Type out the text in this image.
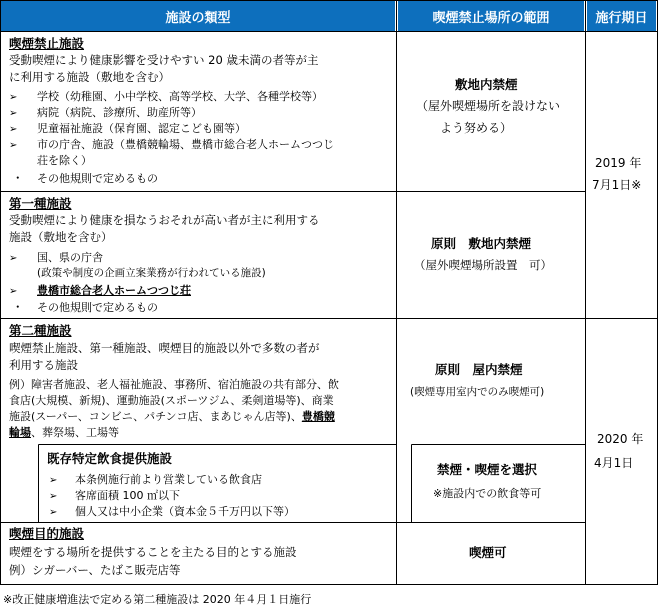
施設の類型	喫煙禁止場所の範囲	施行期日
喫煙禁止施設
受動喫煙により健康影響を受けやすい 20 歳未満の者等が主
に利用する施設（敷地を含む）
➢ 学校（幼稚園、小中学校、高等学校、大学、各種学校等）
➢ 病院（病院、診療所、助産所等）
➢ 児童福祉施設（保育園、認定こども園等）
➢ 市の庁舎、施設（豊橋競輪場、豊橋市総合老人ホームつつじ
荘を除く）
・ その他規則で定めるもの
敷地内禁煙
（屋外喫煙場所を設けない
よう努める）
第一種施設
受動喫煙により健康を損なうおそれが高い者が主に利用する
施設（敷地を含む）
➢ 国、県の庁舎
(政策や制度の企画立案業務が行われている施設)
➢ 豊橋市総合老人ホームつつじ荘
・ その他規則で定めるもの
原則　敷地内禁煙
（屋外喫煙場所設置　可）
2019 年
7月1日※
第二種施設
喫煙禁止施設、第一種施設、喫煙目的施設以外で多数の者が
利用する施設
例）障害者施設、老人福祉施設、事務所、宿泊施設の共有部分、飲
食店(大規模、新規)、運動施設(スポーツジム、柔剣道場等)、商業
施設(スーパー、コンビニ、パチンコ店、まあじゃん店等)、豊橋競
輪場、葬祭場、工場等
原則　屋内禁煙
(喫煙専用室内でのみ喫煙可)
既存特定飲食提供施設
➢ 本条例施行前より営業している飲食店
➢ 客席面積 100 ㎡以下
➢ 個人又は中小企業（資本金５千万円以下等）
禁煙・喫煙を選択
※施設内での飲食等可
2020 年
4月1日
喫煙目的施設
喫煙をする場所を提供することを主たる目的とする施設
例）シガーバー、たばこ販売店等
喫煙可
※改正健康増進法で定める第二種施設は 2020 年４月１日施行
